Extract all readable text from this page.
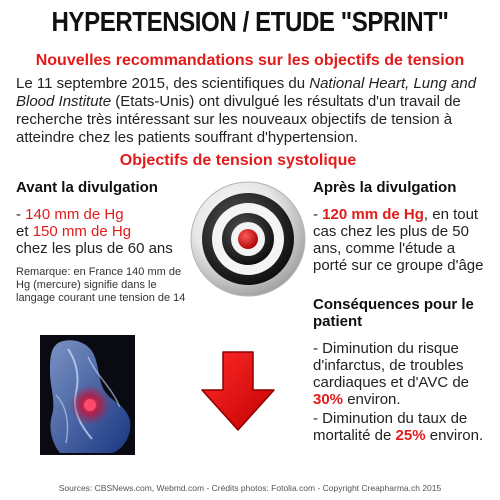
HYPERTENSION / ETUDE "SPRINT"
Nouvelles recommandations sur les objectifs de tension
Le 11 septembre 2015, des scientifiques du National Heart, Lung and Blood Institute (Etats-Unis) ont divulgué les résultats d'un travail de recherche très intéressant sur les nouveaux objectifs de tension à atteindre chez les patients souffrant d'hypertension.
Objectifs de tension systolique
Avant la divulgation	Après la divulgation
- 140 mm de Hg
et 150 mm de Hg
chez les plus de 60 ans
Remarque: en France 140 mm de Hg (mercure) signifie dans le langage courant une tension de 14
- 120 mm de Hg, en tout cas chez les plus de 50 ans, comme l'étude a porté sur ce groupe d'âge
Conséquences pour le patient
- Diminution du risque d'infarctus, de troubles cardiaques et d'AVC de 30% environ.
- Diminution du taux de mortalité de 25% environ.
Sources: CBSNews.com, Webmd.com - Crédits photos: Fotolia.com - Copyright Creapharma.ch 2015
